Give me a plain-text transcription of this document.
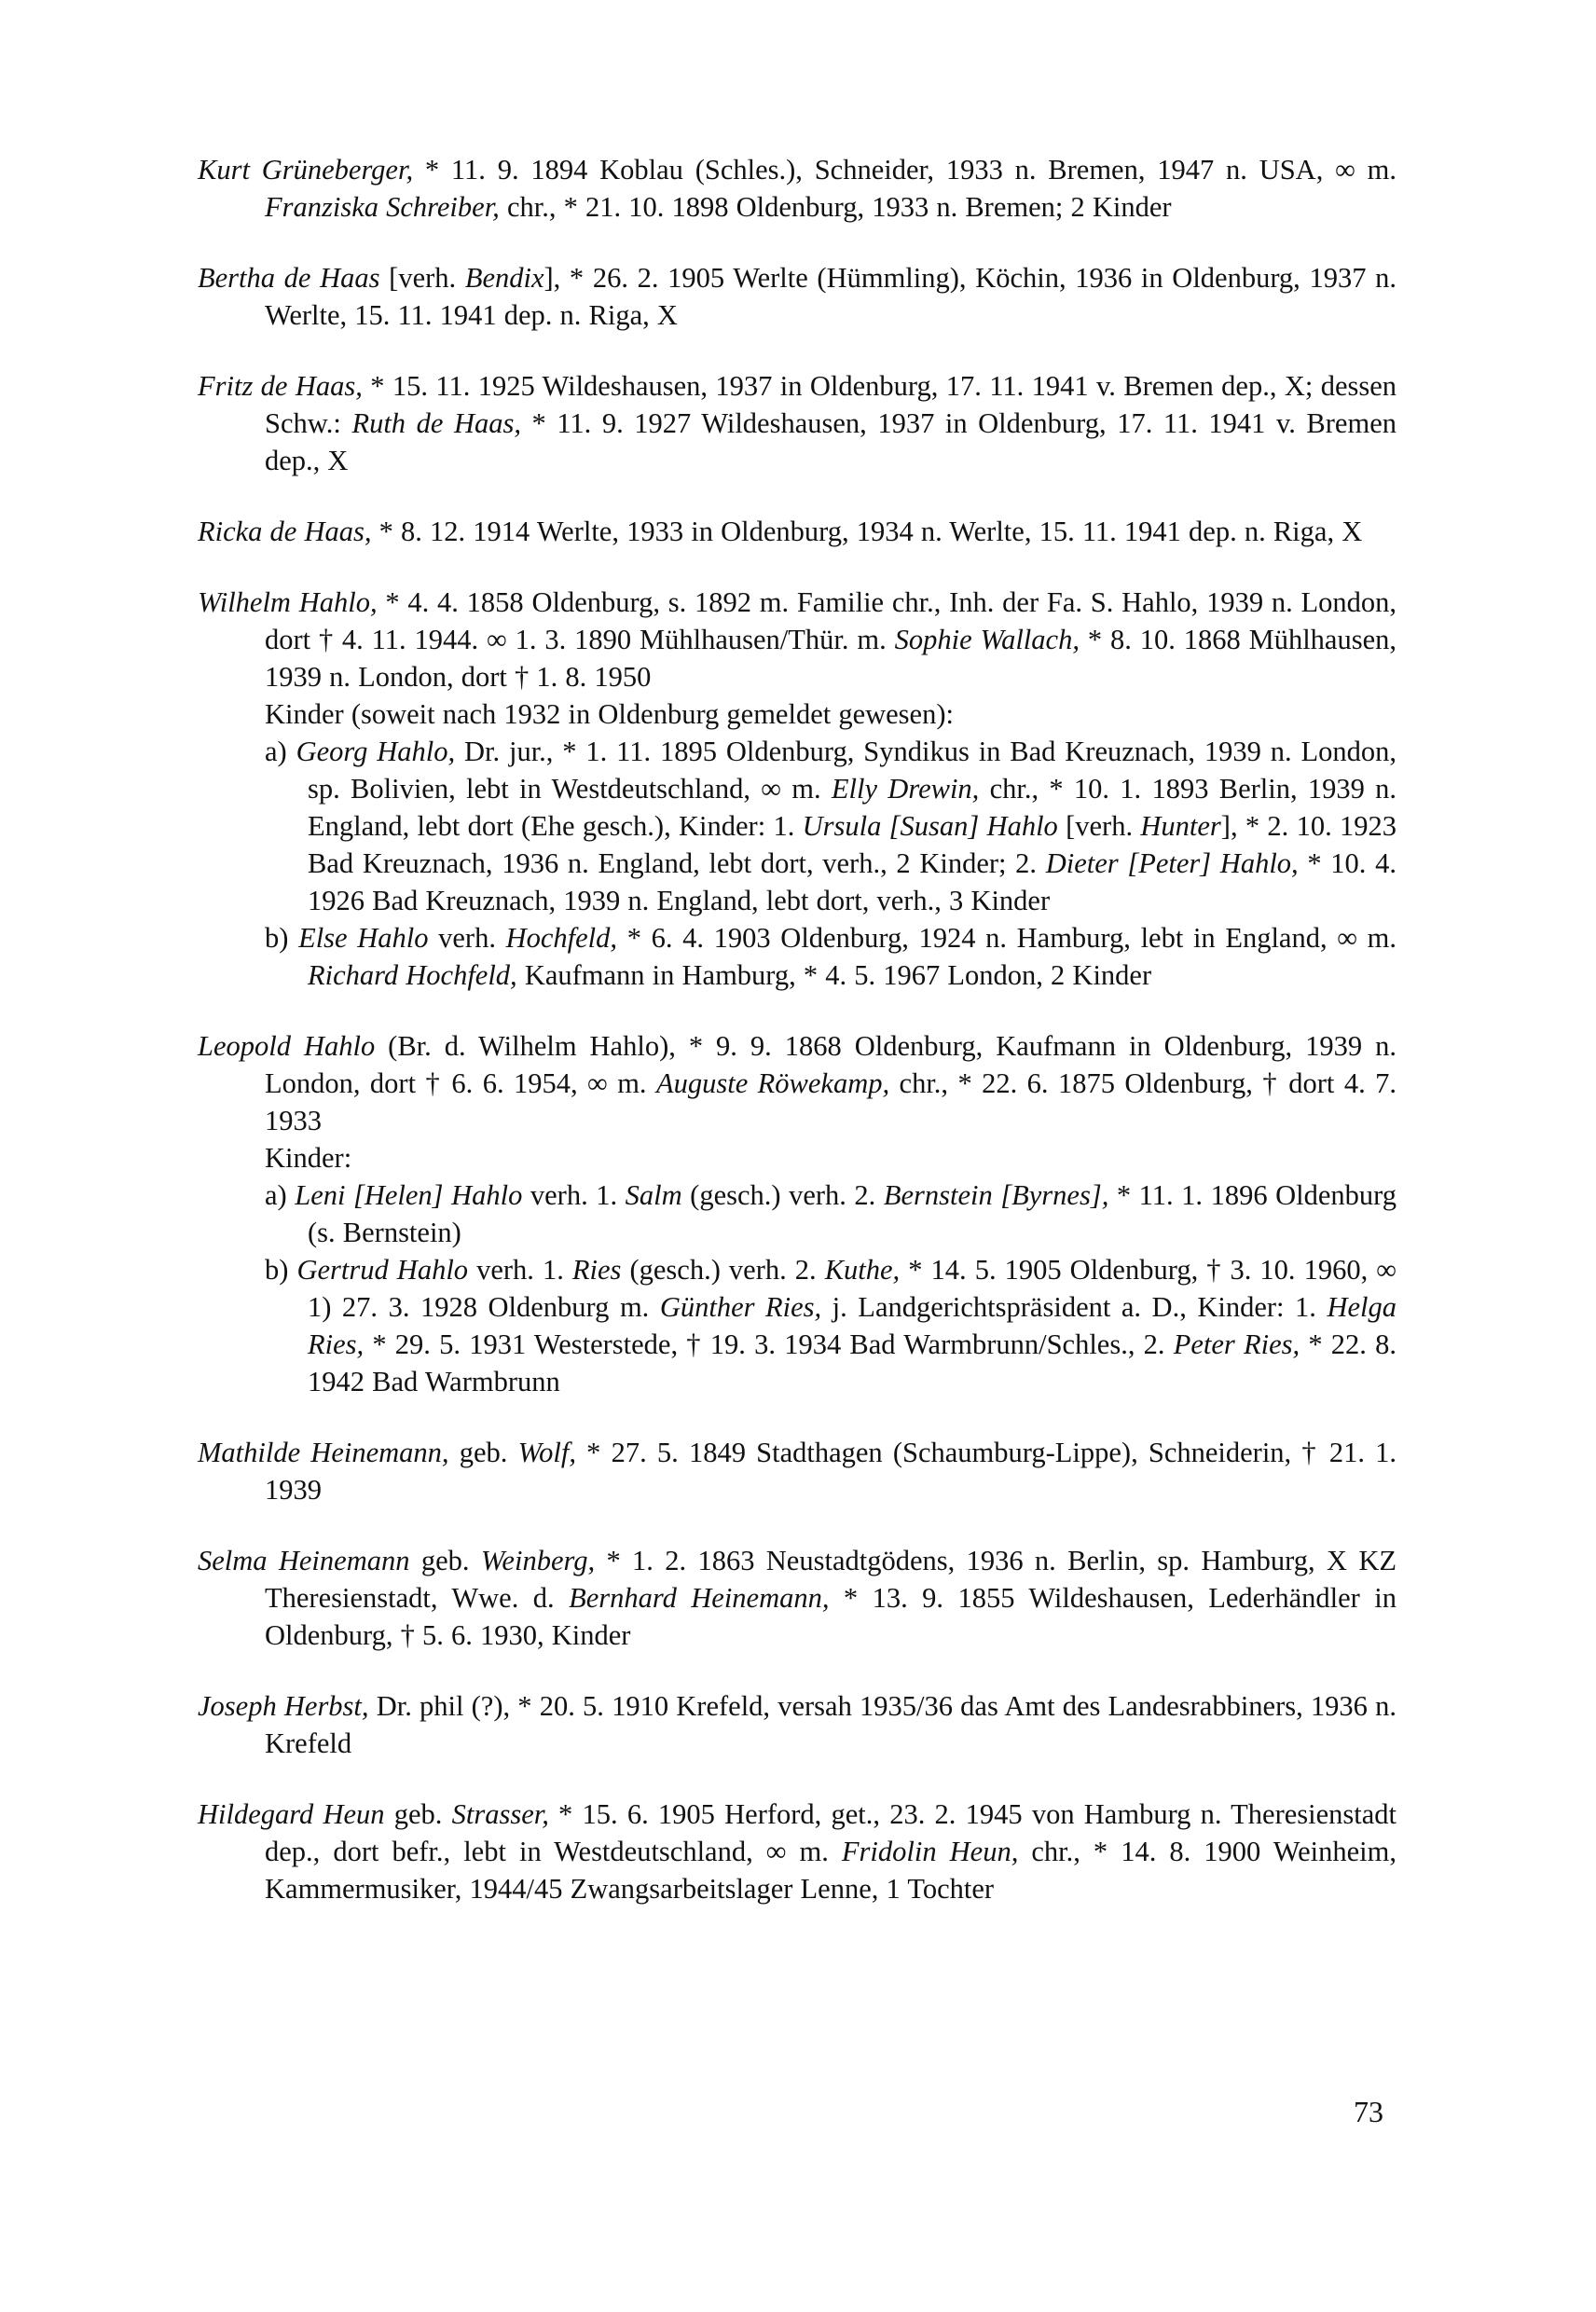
Kurt Grüneberger, * 11. 9. 1894 Koblau (Schles.), Schneider, 1933 n. Bremen, 1947 n. USA, ∞ m. Franziska Schreiber, chr., * 21. 10. 1898 Oldenburg, 1933 n. Bremen; 2 Kinder
Bertha de Haas [verh. Bendix], * 26. 2. 1905 Werlte (Hümmling), Köchin, 1936 in Oldenburg, 1937 n. Werlte, 15. 11. 1941 dep. n. Riga, X
Fritz de Haas, * 15. 11. 1925 Wildeshausen, 1937 in Oldenburg, 17. 11. 1941 v. Bremen dep., X; dessen Schw.: Ruth de Haas, * 11. 9. 1927 Wildeshausen, 1937 in Oldenburg, 17. 11. 1941 v. Bremen dep., X
Ricka de Haas, * 8. 12. 1914 Werlte, 1933 in Oldenburg, 1934 n. Werlte, 15. 11. 1941 dep. n. Riga, X
Wilhelm Hahlo, * 4. 4. 1858 Oldenburg, s. 1892 m. Familie chr., Inh. der Fa. S. Hahlo, 1939 n. London, dort † 4. 11. 1944. ∞ 1. 3. 1890 Mühlhausen/Thür. m. Sophie Wallach, * 8. 10. 1868 Mühlhausen, 1939 n. London, dort † 1. 8. 1950
Kinder (soweit nach 1932 in Oldenburg gemeldet gewesen):
a) Georg Hahlo, Dr. jur., * 1. 11. 1895 Oldenburg, Syndikus in Bad Kreuznach, 1939 n. London, sp. Bolivien, lebt in Westdeutschland, ∞ m. Elly Drewin, chr., * 10. 1. 1893 Berlin, 1939 n. England, lebt dort (Ehe gesch.), Kinder: 1. Ursula [Susan] Hahlo [verh. Hunter], * 2. 10. 1923 Bad Kreuznach, 1936 n. England, lebt dort, verh., 2 Kinder; 2. Dieter [Peter] Hahlo, * 10. 4. 1926 Bad Kreuznach, 1939 n. England, lebt dort, verh., 3 Kinder
b) Else Hahlo verh. Hochfeld, * 6. 4. 1903 Oldenburg, 1924 n. Hamburg, lebt in England, ∞ m. Richard Hochfeld, Kaufmann in Hamburg, * 4. 5. 1967 London, 2 Kinder
Leopold Hahlo (Br. d. Wilhelm Hahlo), * 9. 9. 1868 Oldenburg, Kaufmann in Oldenburg, 1939 n. London, dort † 6. 6. 1954, ∞ m. Auguste Röwekamp, chr., * 22. 6. 1875 Oldenburg, † dort 4. 7. 1933
Kinder:
a) Leni [Helen] Hahlo verh. 1. Salm (gesch.) verh. 2. Bernstein [Byrnes], * 11. 1. 1896 Oldenburg (s. Bernstein)
b) Gertrud Hahlo verh. 1. Ries (gesch.) verh. 2. Kuthe, * 14. 5. 1905 Oldenburg, † 3. 10. 1960, ∞ 1) 27. 3. 1928 Oldenburg m. Günther Ries, j. Landgerichtspräsident a. D., Kinder: 1. Helga Ries, * 29. 5. 1931 Westerstede, † 19. 3. 1934 Bad Warmbrunn/Schles., 2. Peter Ries, * 22. 8. 1942 Bad Warmbrunn
Mathilde Heinemann, geb. Wolf, * 27. 5. 1849 Stadthagen (Schaumburg-Lippe), Schneiderin, † 21. 1. 1939
Selma Heinemann geb. Weinberg, * 1. 2. 1863 Neustadtgödens, 1936 n. Berlin, sp. Hamburg, X KZ Theresienstadt, Wwe. d. Bernhard Heinemann, * 13. 9. 1855 Wildeshausen, Lederhändler in Oldenburg, † 5. 6. 1930, Kinder
Joseph Herbst, Dr. phil (?), * 20. 5. 1910 Krefeld, versah 1935/36 das Amt des Landesrabbiners, 1936 n. Krefeld
Hildegard Heun geb. Strasser, * 15. 6. 1905 Herford, get., 23. 2. 1945 von Hamburg n. Theresienstadt dep., dort befr., lebt in Westdeutschland, ∞ m. Fridolin Heun, chr., * 14. 8. 1900 Weinheim, Kammermusiker, 1944/45 Zwangsarbeitslager Lenne, 1 Tochter
73
